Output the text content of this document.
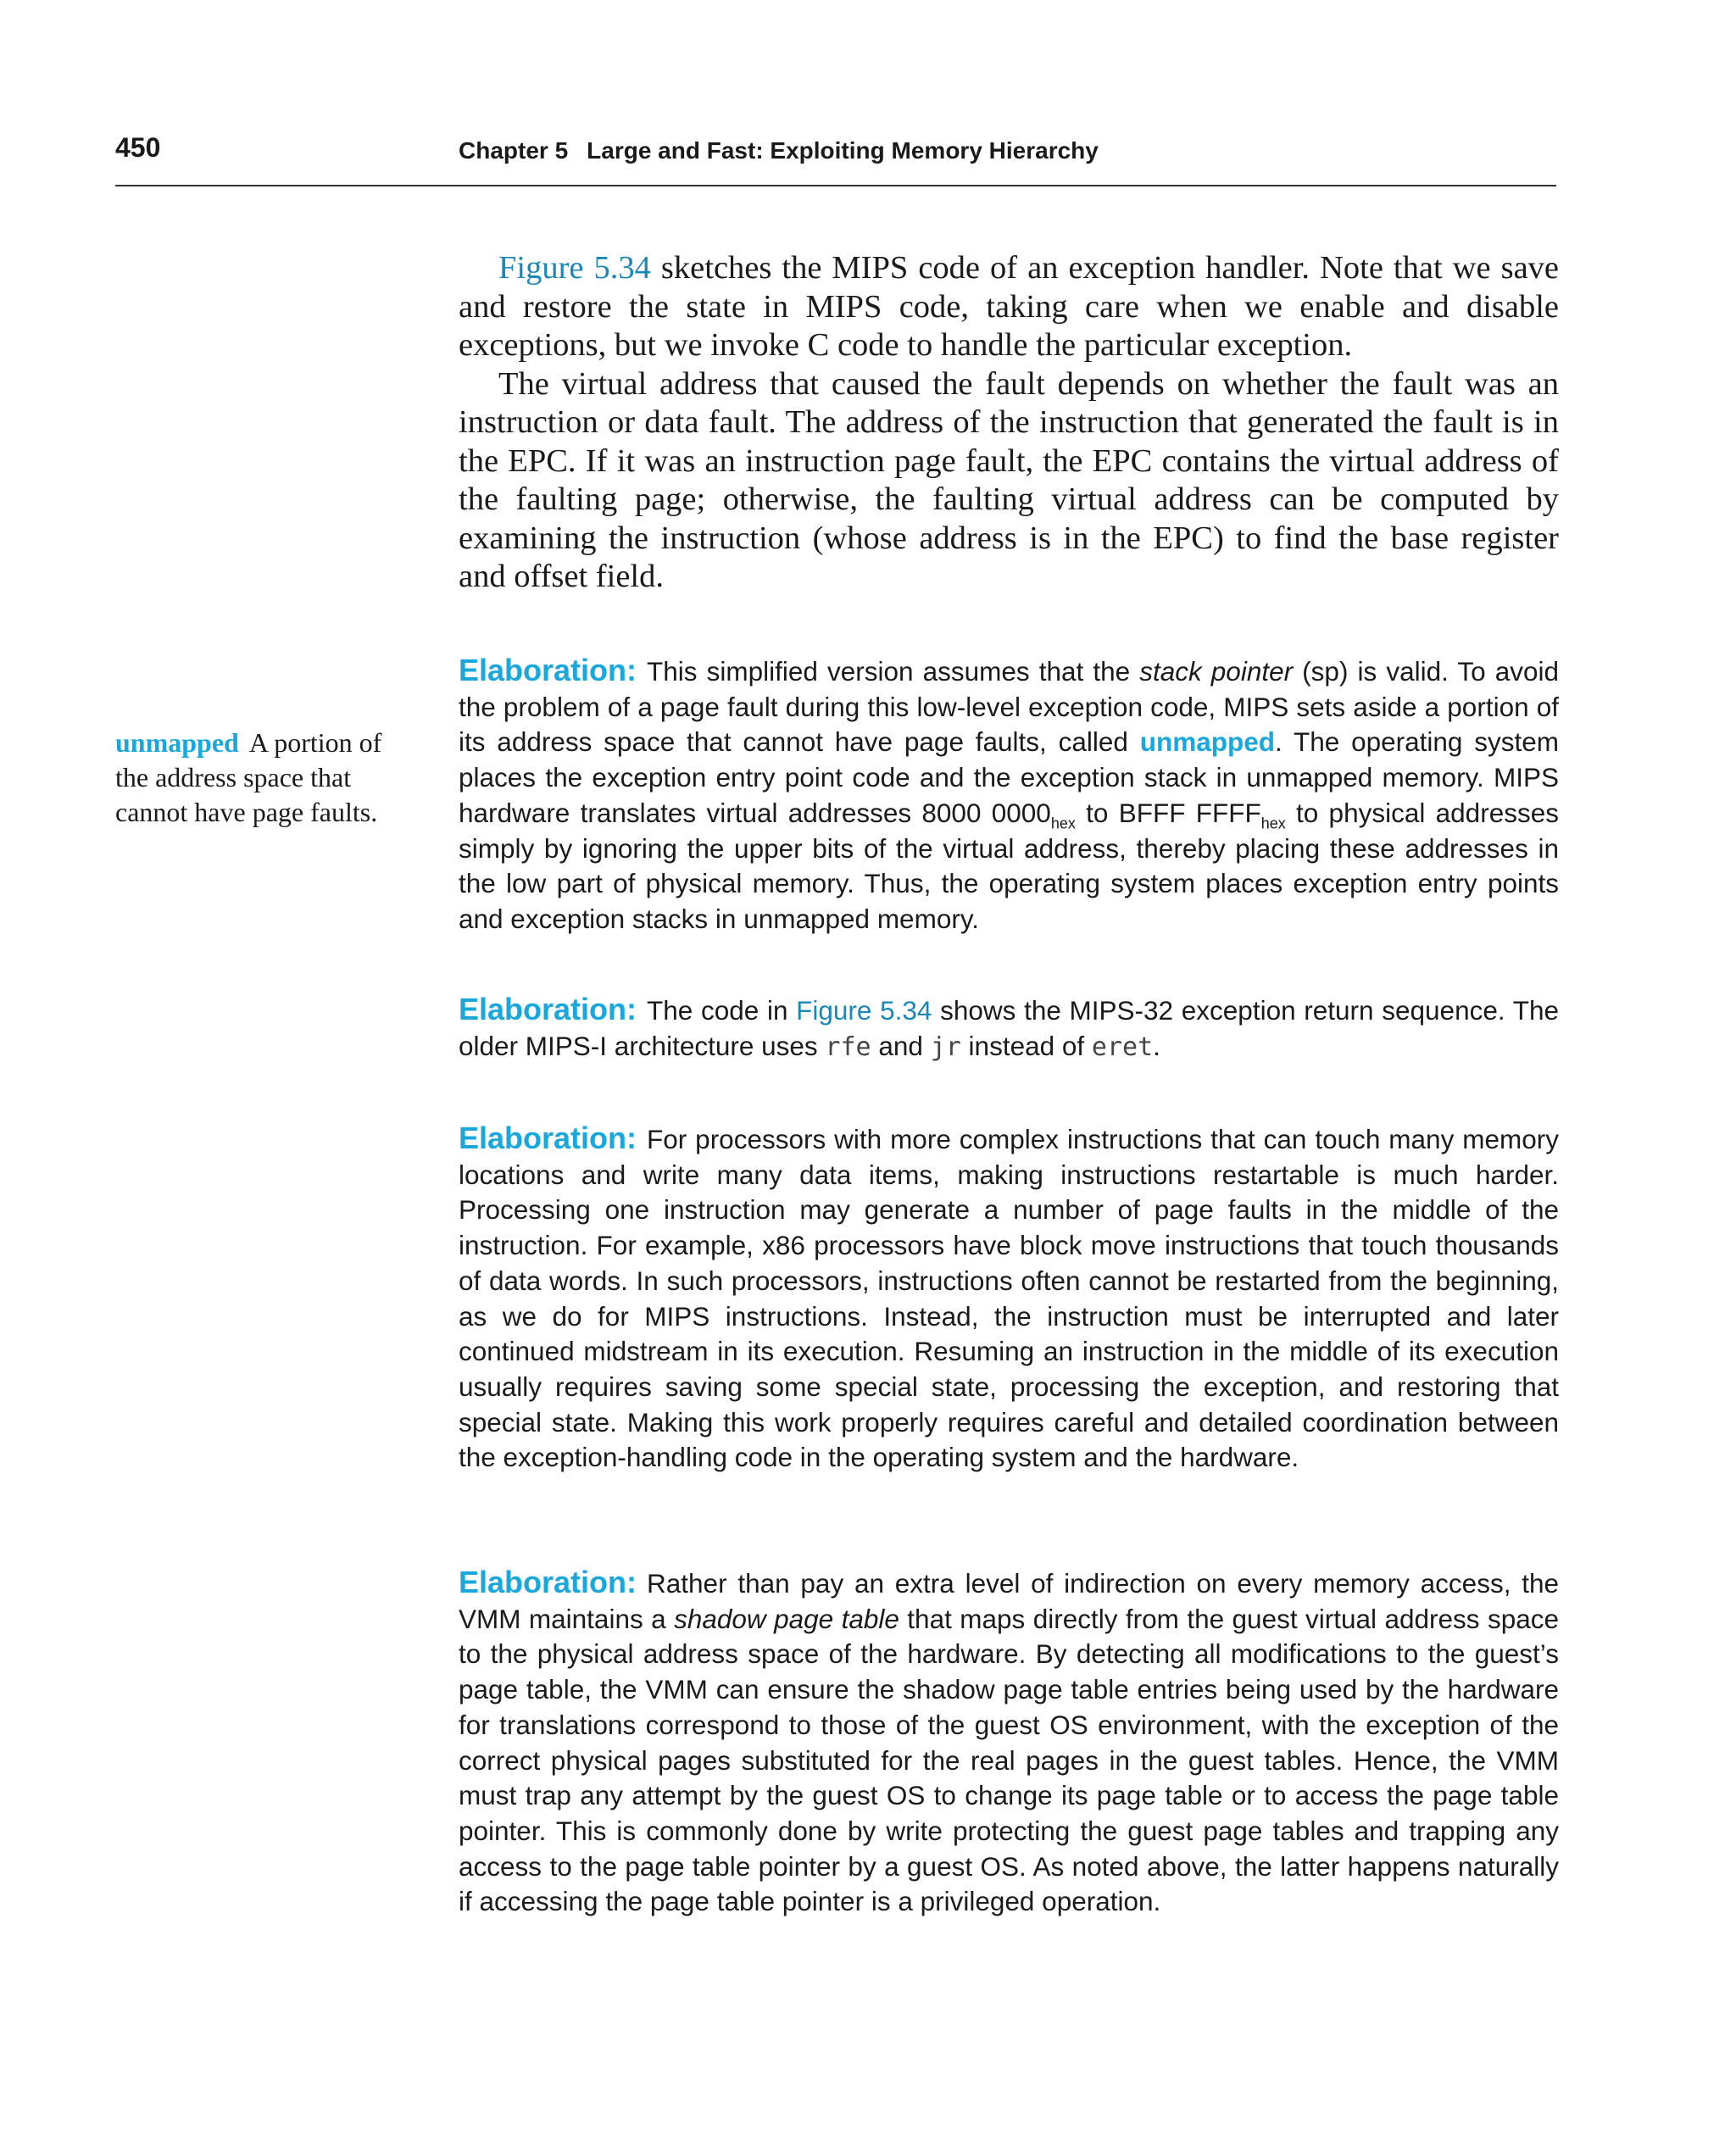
450	Chapter 5 Large and Fast: Exploiting Memory Hierarchy

Figure 5.34 sketches the MIPS code of an exception handler. Note that we save and restore the state in MIPS code, taking care when we enable and disable exceptions, but we invoke C code to handle the particular exception.

The virtual address that caused the fault depends on whether the fault was an instruction or data fault. The address of the instruction that generated the fault is in the EPC. If it was an instruction page fault, the EPC contains the virtual address of the faulting page; otherwise, the faulting virtual address can be computed by examining the instruction (whose address is in the EPC) to find the base register and offset field.

unmapped A portion of the address space that cannot have page faults.

Elaboration: This simplified version assumes that the stack pointer (sp) is valid. To avoid the problem of a page fault during this low-level exception code, MIPS sets aside a portion of its address space that cannot have page faults, called unmapped. The operating system places the exception entry point code and the exception stack in unmapped memory. MIPS hardware translates virtual addresses 8000 $0000_{hex}$ to BFFF $FFFF_{hex}$ to physical addresses simply by ignoring the upper bits of the virtual address, thereby placing these addresses in the low part of physical memory. Thus, the operating system places exception entry points and exception stacks in unmapped memory.

Elaboration: The code in Figure 5.34 shows the MIPS-32 exception return sequence. The older MIPS-I architecture uses rfe and jr instead of eret.

Elaboration: For processors with more complex instructions that can touch many memory locations and write many data items, making instructions restartable is much harder. Processing one instruction may generate a number of page faults in the middle of the instruction. For example, x86 processors have block move instructions that touch thousands of data words. In such processors, instructions often cannot be restarted from the beginning, as we do for MIPS instructions. Instead, the instruction must be interrupted and later continued midstream in its execution. Resuming an instruction in the middle of its execution usually requires saving some special state, processing the exception, and restoring that special state. Making this work properly requires careful and detailed coordination between the exception-handling code in the operating system and the hardware.

Elaboration: Rather than pay an extra level of indirection on every memory access, the VMM maintains a shadow page table that maps directly from the guest virtual address space to the physical address space of the hardware. By detecting all modifications to the guest’s page table, the VMM can ensure the shadow page table entries being used by the hardware for translations correspond to those of the guest OS environment, with the exception of the correct physical pages substituted for the real pages in the guest tables. Hence, the VMM must trap any attempt by the guest OS to change its page table or to access the page table pointer. This is commonly done by write protecting the guest page tables and trapping any access to the page table pointer by a guest OS. As noted above, the latter happens naturally if accessing the page table pointer is a privileged operation.
